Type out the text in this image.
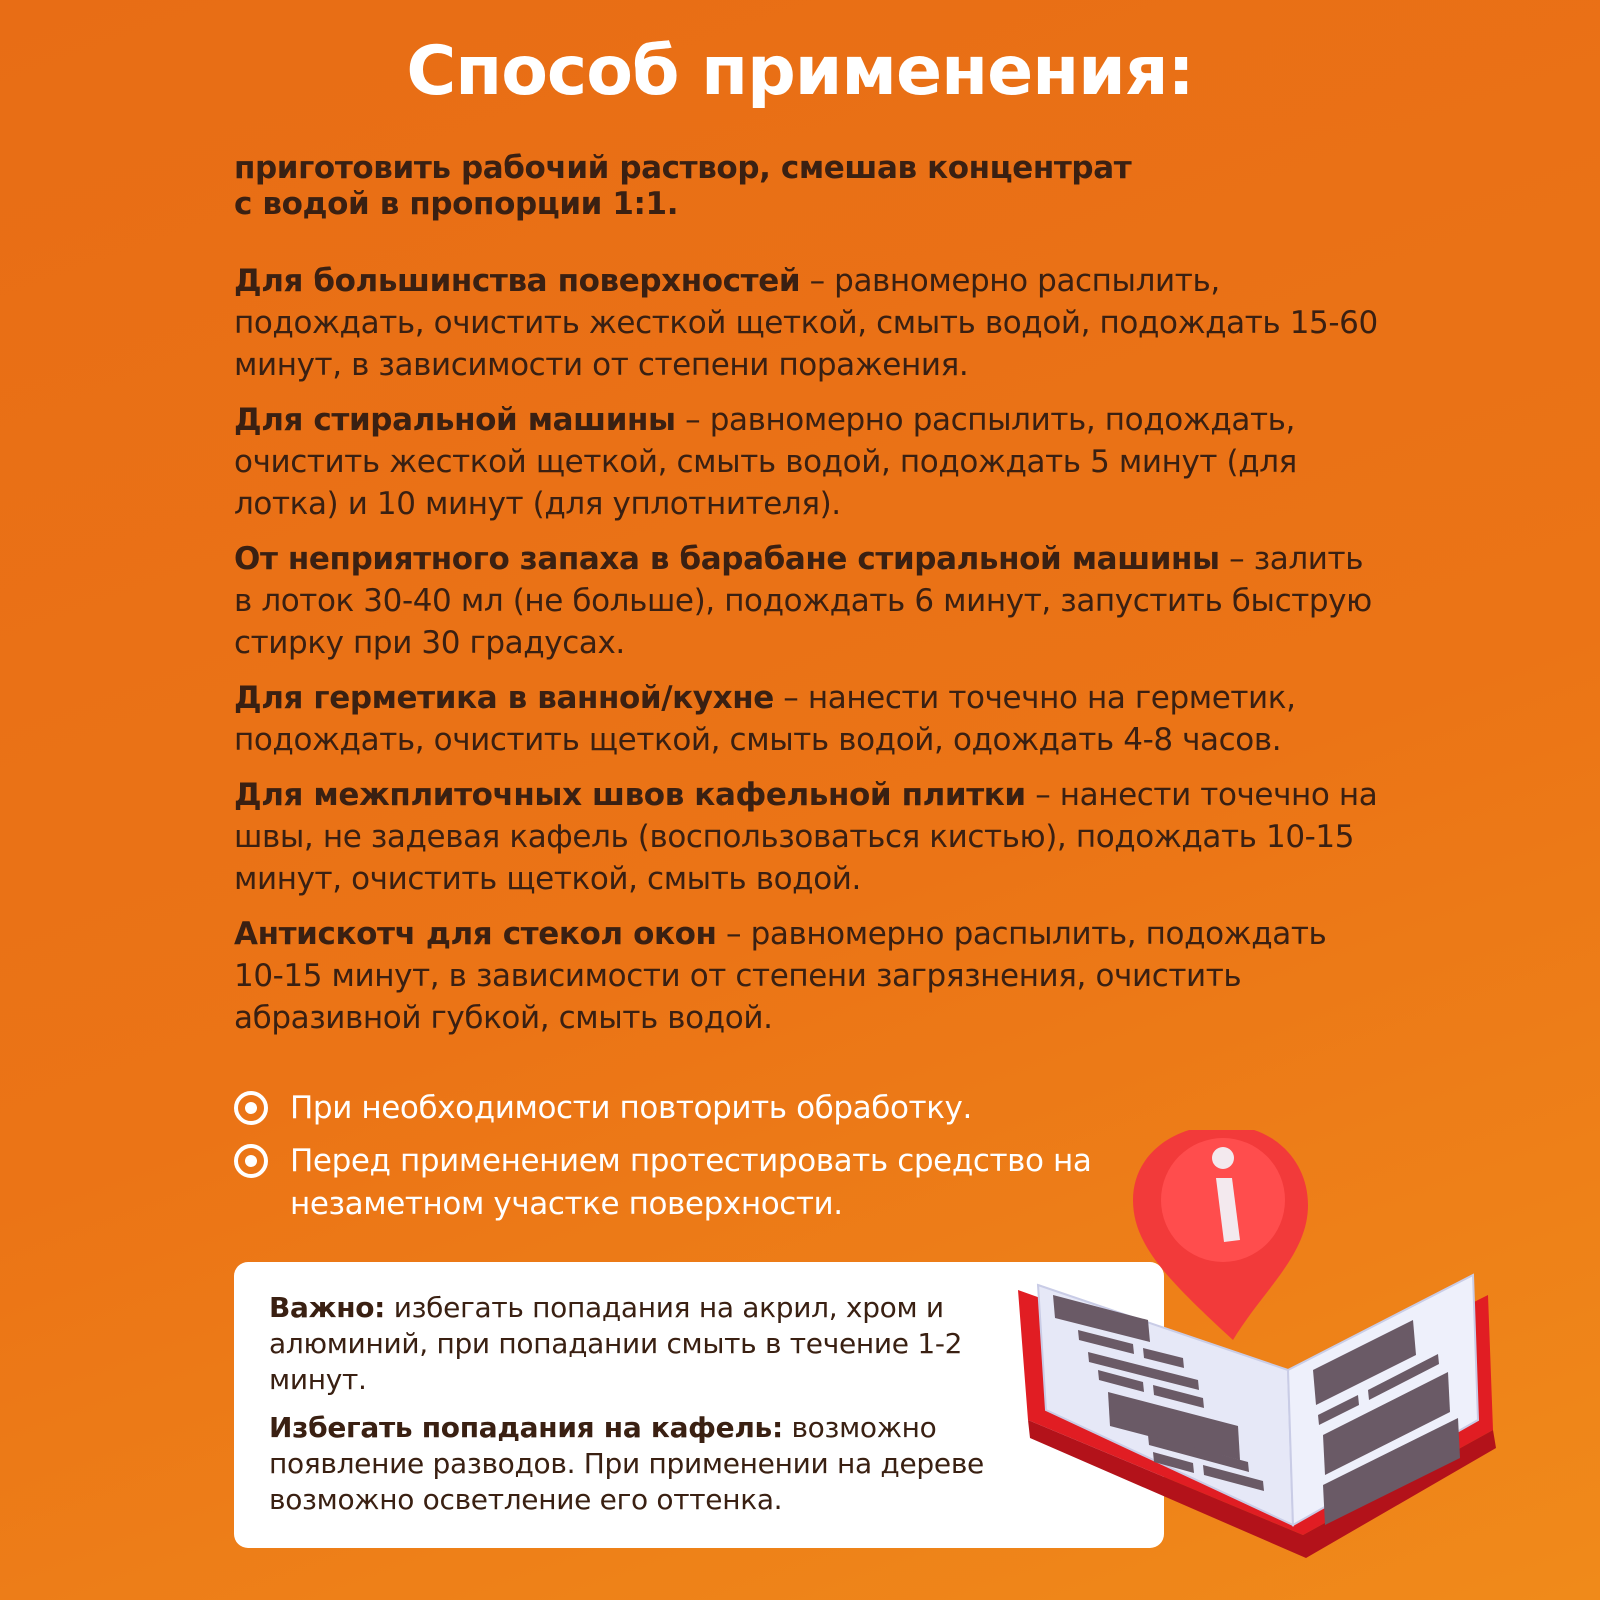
Способ применения:

приготовить рабочий раствор, смешав концентрат
с водой в пропорции 1:1.

Для большинства поверхностей – равномерно распылить, подождать, очистить жесткой щеткой, смыть водой, подождать 15-60 минут, в зависимости от степени поражения.

Для стиральной машины – равномерно распылить, подождать, очистить жесткой щеткой, смыть водой, подождать 5 минут (для лотка) и 10 минут (для уплотнителя).

От неприятного запаха в барабане стиральной машины – залить в лоток 30-40 мл (не больше), подождать 6 минут, запустить быструю стирку при 30 градусах.

Для герметика в ванной/кухне – нанести точечно на герметик, подождать, очистить щеткой, смыть водой, одождать 4-8 часов.

Для межплиточных швов кафельной плитки – нанести точечно на швы, не задевая кафель (воспользоваться кистью), подождать 10-15 минут, очистить щеткой, смыть водой.

Антискотч для стекол окон – равномерно распылить, подождать 10-15 минут, в зависимости от степени загрязнения, очистить абразивной губкой, смыть водой.

При необходимости повторить обработку.
Перед применением протестировать средство на незаметном участке поверхности.

Важно: избегать попадания на акрил, хром и алюминий, при попадании смыть в течение 1-2 минут.

Избегать попадания на кафель: возможно появление разводов. При применении на дереве возможно осветление его оттенка.
